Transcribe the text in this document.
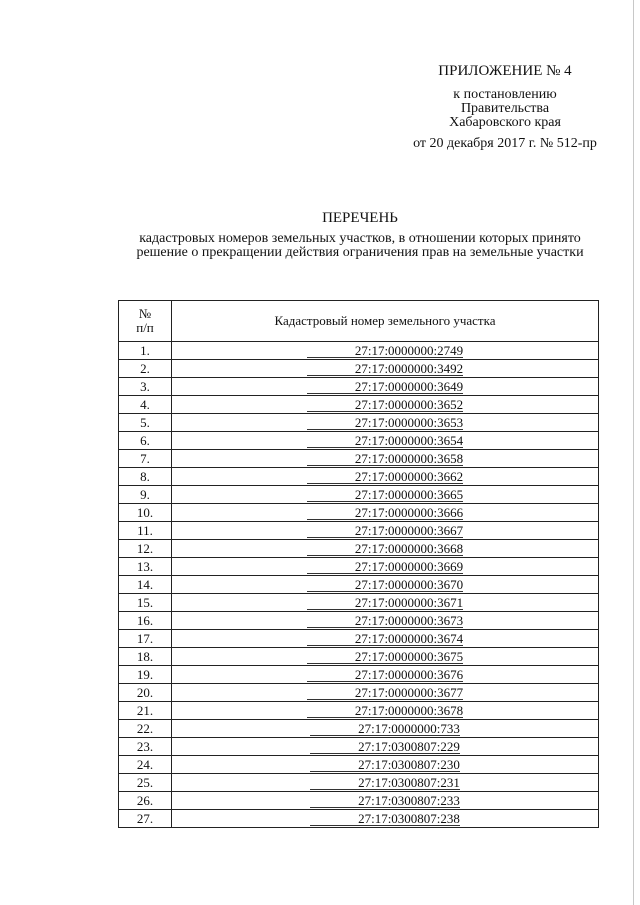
ПРИЛОЖЕНИЕ № 4
к постановлению
Правительства
Хабаровского края
от 20 декабря 2017 г. № 512-пр
ПЕРЕЧЕНЬ
кадастровых номеров земельных участков, в отношении которых принято
решение о прекращении действия ограничения прав на земельные участки
№
п/п	Кадастровый номер земельного участка
1.	27:17:0000000:2749
2.	27:17:0000000:3492
3.	27:17:0000000:3649
4.	27:17:0000000:3652
5.	27:17:0000000:3653
6.	27:17:0000000:3654
7.	27:17:0000000:3658
8.	27:17:0000000:3662
9.	27:17:0000000:3665
10.	27:17:0000000:3666
11.	27:17:0000000:3667
12.	27:17:0000000:3668
13.	27:17:0000000:3669
14.	27:17:0000000:3670
15.	27:17:0000000:3671
16.	27:17:0000000:3673
17.	27:17:0000000:3674
18.	27:17:0000000:3675
19.	27:17:0000000:3676
20.	27:17:0000000:3677
21.	27:17:0000000:3678
22.	27:17:0000000:733
23.	27:17:0300807:229
24.	27:17:0300807:230
25.	27:17:0300807:231
26.	27:17:0300807:233
27.	27:17:0300807:238
